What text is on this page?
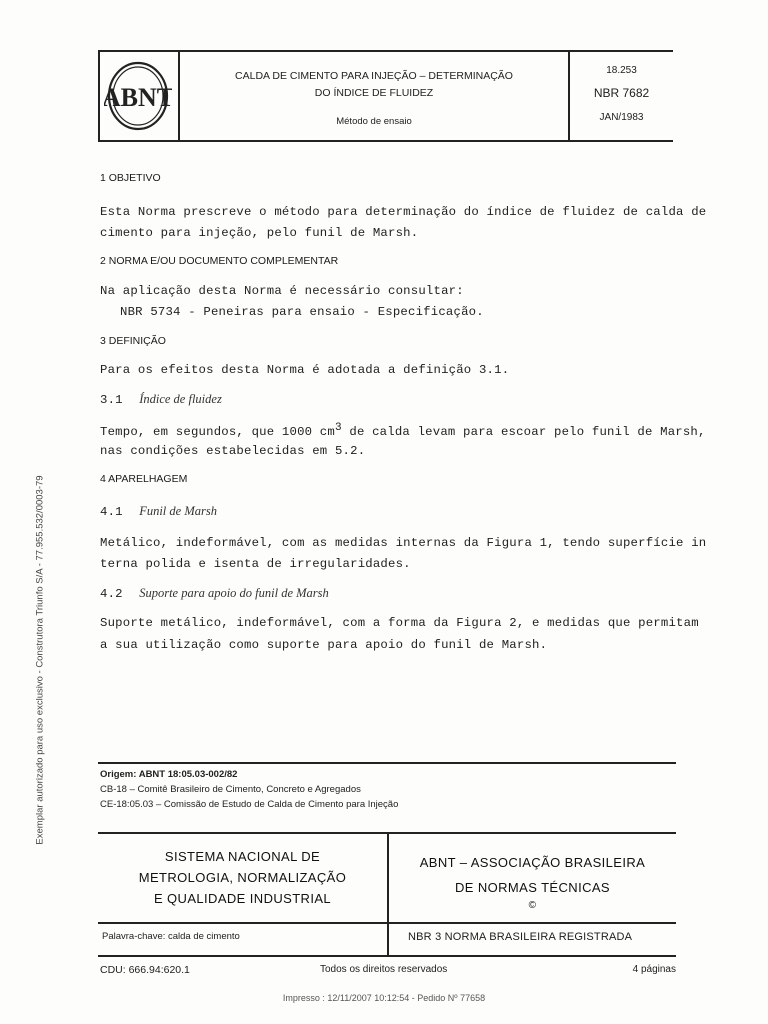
Exemplar autorizado para uso exclusivo - Construtora Triunfo S/A - 77.955.532/0003-79
ABNT
CALDA DE CIMENTO PARA INJEÇÃO – DETERMINAÇÃO
DO ÍNDICE DE FLUIDEZ
Método de ensaio
18.253
NBR 7682
JAN/1983
1 OBJETIVO
Esta Norma prescreve o método para determinação do índice de fluidez de calda de
cimento para injeção, pelo funil de Marsh.
2 NORMA E/OU DOCUMENTO COMPLEMENTAR
Na aplicação desta Norma é necessário consultar:
NBR 5734 - Peneiras para ensaio - Especificação.
3 DEFINIÇÃO
Para os efeitos desta Norma é adotada a definição 3.1.
3.1 Índice de fluidez
Tempo, em segundos, que 1000 $cm^3$ de calda levam para escoar pelo funil de Marsh,
nas condições estabelecidas em 5.2.
4 APARELHAGEM
4.1 Funil de Marsh
Metálico, indeformável, com as medidas internas da Figura 1, tendo superfície in
terna polida e isenta de irregularidades.
4.2 Suporte para apoio do funil de Marsh
Suporte metálico, indeformável, com a forma da Figura 2, e medidas que permitam
a sua utilização como suporte para apoio do funil de Marsh.
Origem: ABNT 18:05.03-002/82
CB-18 – Comitê Brasileiro de Cimento, Concreto e Agregados
CE-18:05.03 – Comissão de Estudo de Calda de Cimento para Injeção
SISTEMA NACIONAL DE
METROLOGIA, NORMALIZAÇÃO
E QUALIDADE INDUSTRIAL
ABNT – ASSOCIAÇÃO BRASILEIRA
DE NORMAS TÉCNICAS
©
Palavra-chave: calda de cimento	NBR 3 NORMA BRASILEIRA REGISTRADA
CDU: 666.94:620.1	Todos os direitos reservados	4 páginas
Impresso : 12/11/2007 10:12:54 - Pedido Nº 77658
